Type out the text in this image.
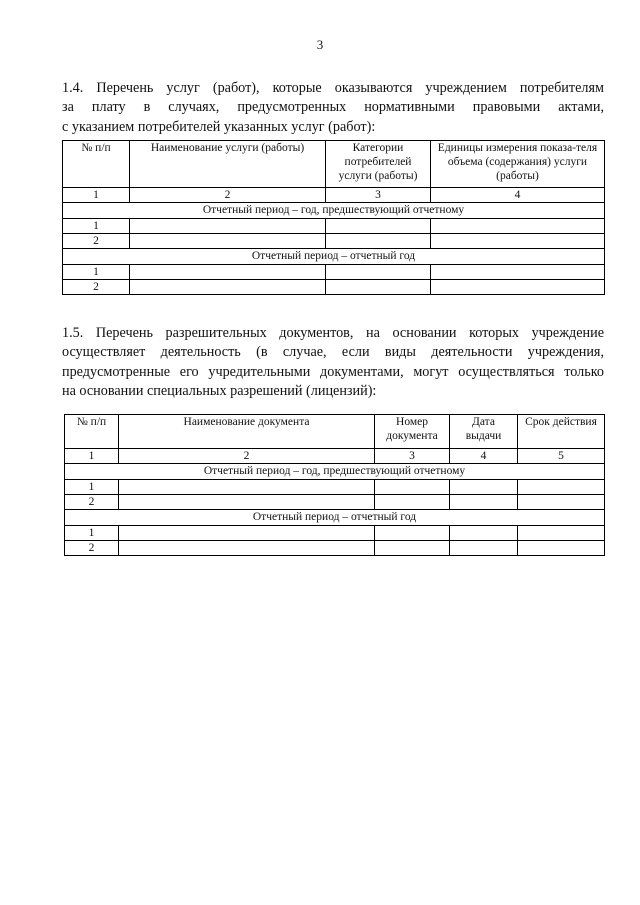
3
1.4. Перечень услуг (работ), которые оказываются учреждением потребителям
за плату в случаях, предусмотренных нормативными правовыми актами,
с указанием потребителей указанных услуг (работ):
№ п/п	Наименование услуги (работы)	Категории потребителей услуги (работы)	Единицы измерения показа-теля объема (содержания) услуги (работы)
1	2	3	4
Отчетный период – год, предшествующий отчетному			
1			
2			
Отчетный период – отчетный год			
1			
2			
1.5. Перечень разрешительных документов, на основании которых учреждение
осуществляет деятельность (в случае, если виды деятельности учреждения,
предусмотренные его учредительными документами, могут осуществляться только
на основании специальных разрешений (лицензий):
№ п/п	Наименование документа	Номер документа	Дата выдачи	Срок действия
1	2	3	4	5
Отчетный период – год, предшествующий отчетному				
1				
2				
Отчетный период – отчетный год				
1				
2				
